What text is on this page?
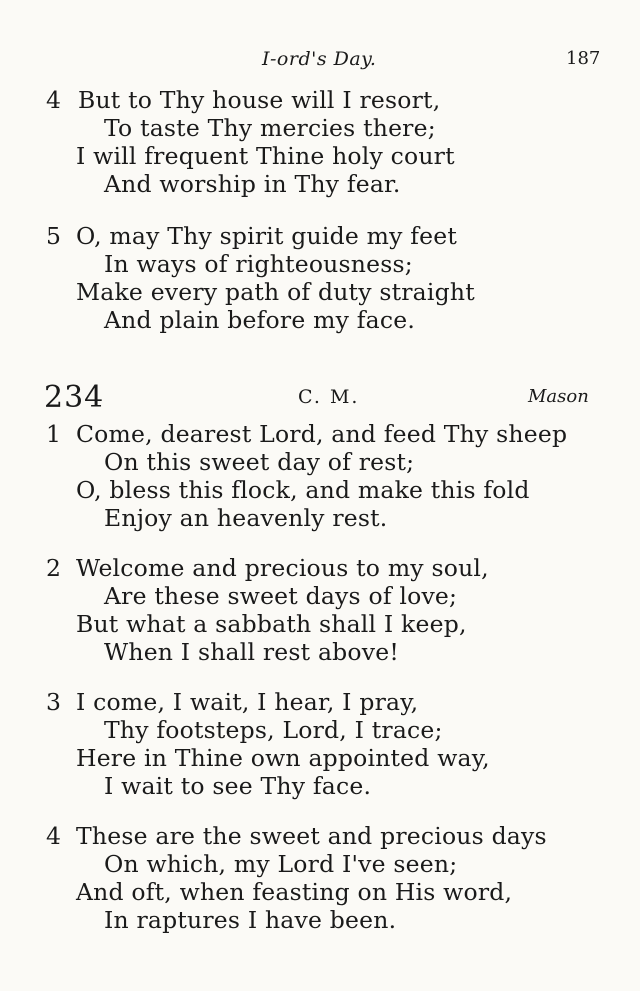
I-ord's Day.	187
4 But to Thy house will I resort,
To taste Thy mercies there;
I will frequent Thine holy court
And worship in Thy fear.
5 O, may Thy spirit guide my feet
In ways of righteousness;
Make every path of duty straight
And plain before my face.
234	C. M.	Mason
1 Come, dearest Lord, and feed Thy sheep
On this sweet day of rest;
O, bless this flock, and make this fold
Enjoy an heavenly rest.
2 Welcome and precious to my soul,
Are these sweet days of love;
But what a sabbath shall I keep,
When I shall rest above!
3 I come, I wait, I hear, I pray,
Thy footsteps, Lord, I trace;
Here in Thine own appointed way,
I wait to see Thy face.
4 These are the sweet and precious days
On which, my Lord I've seen;
And oft, when feasting on His word,
In raptures I have been.
